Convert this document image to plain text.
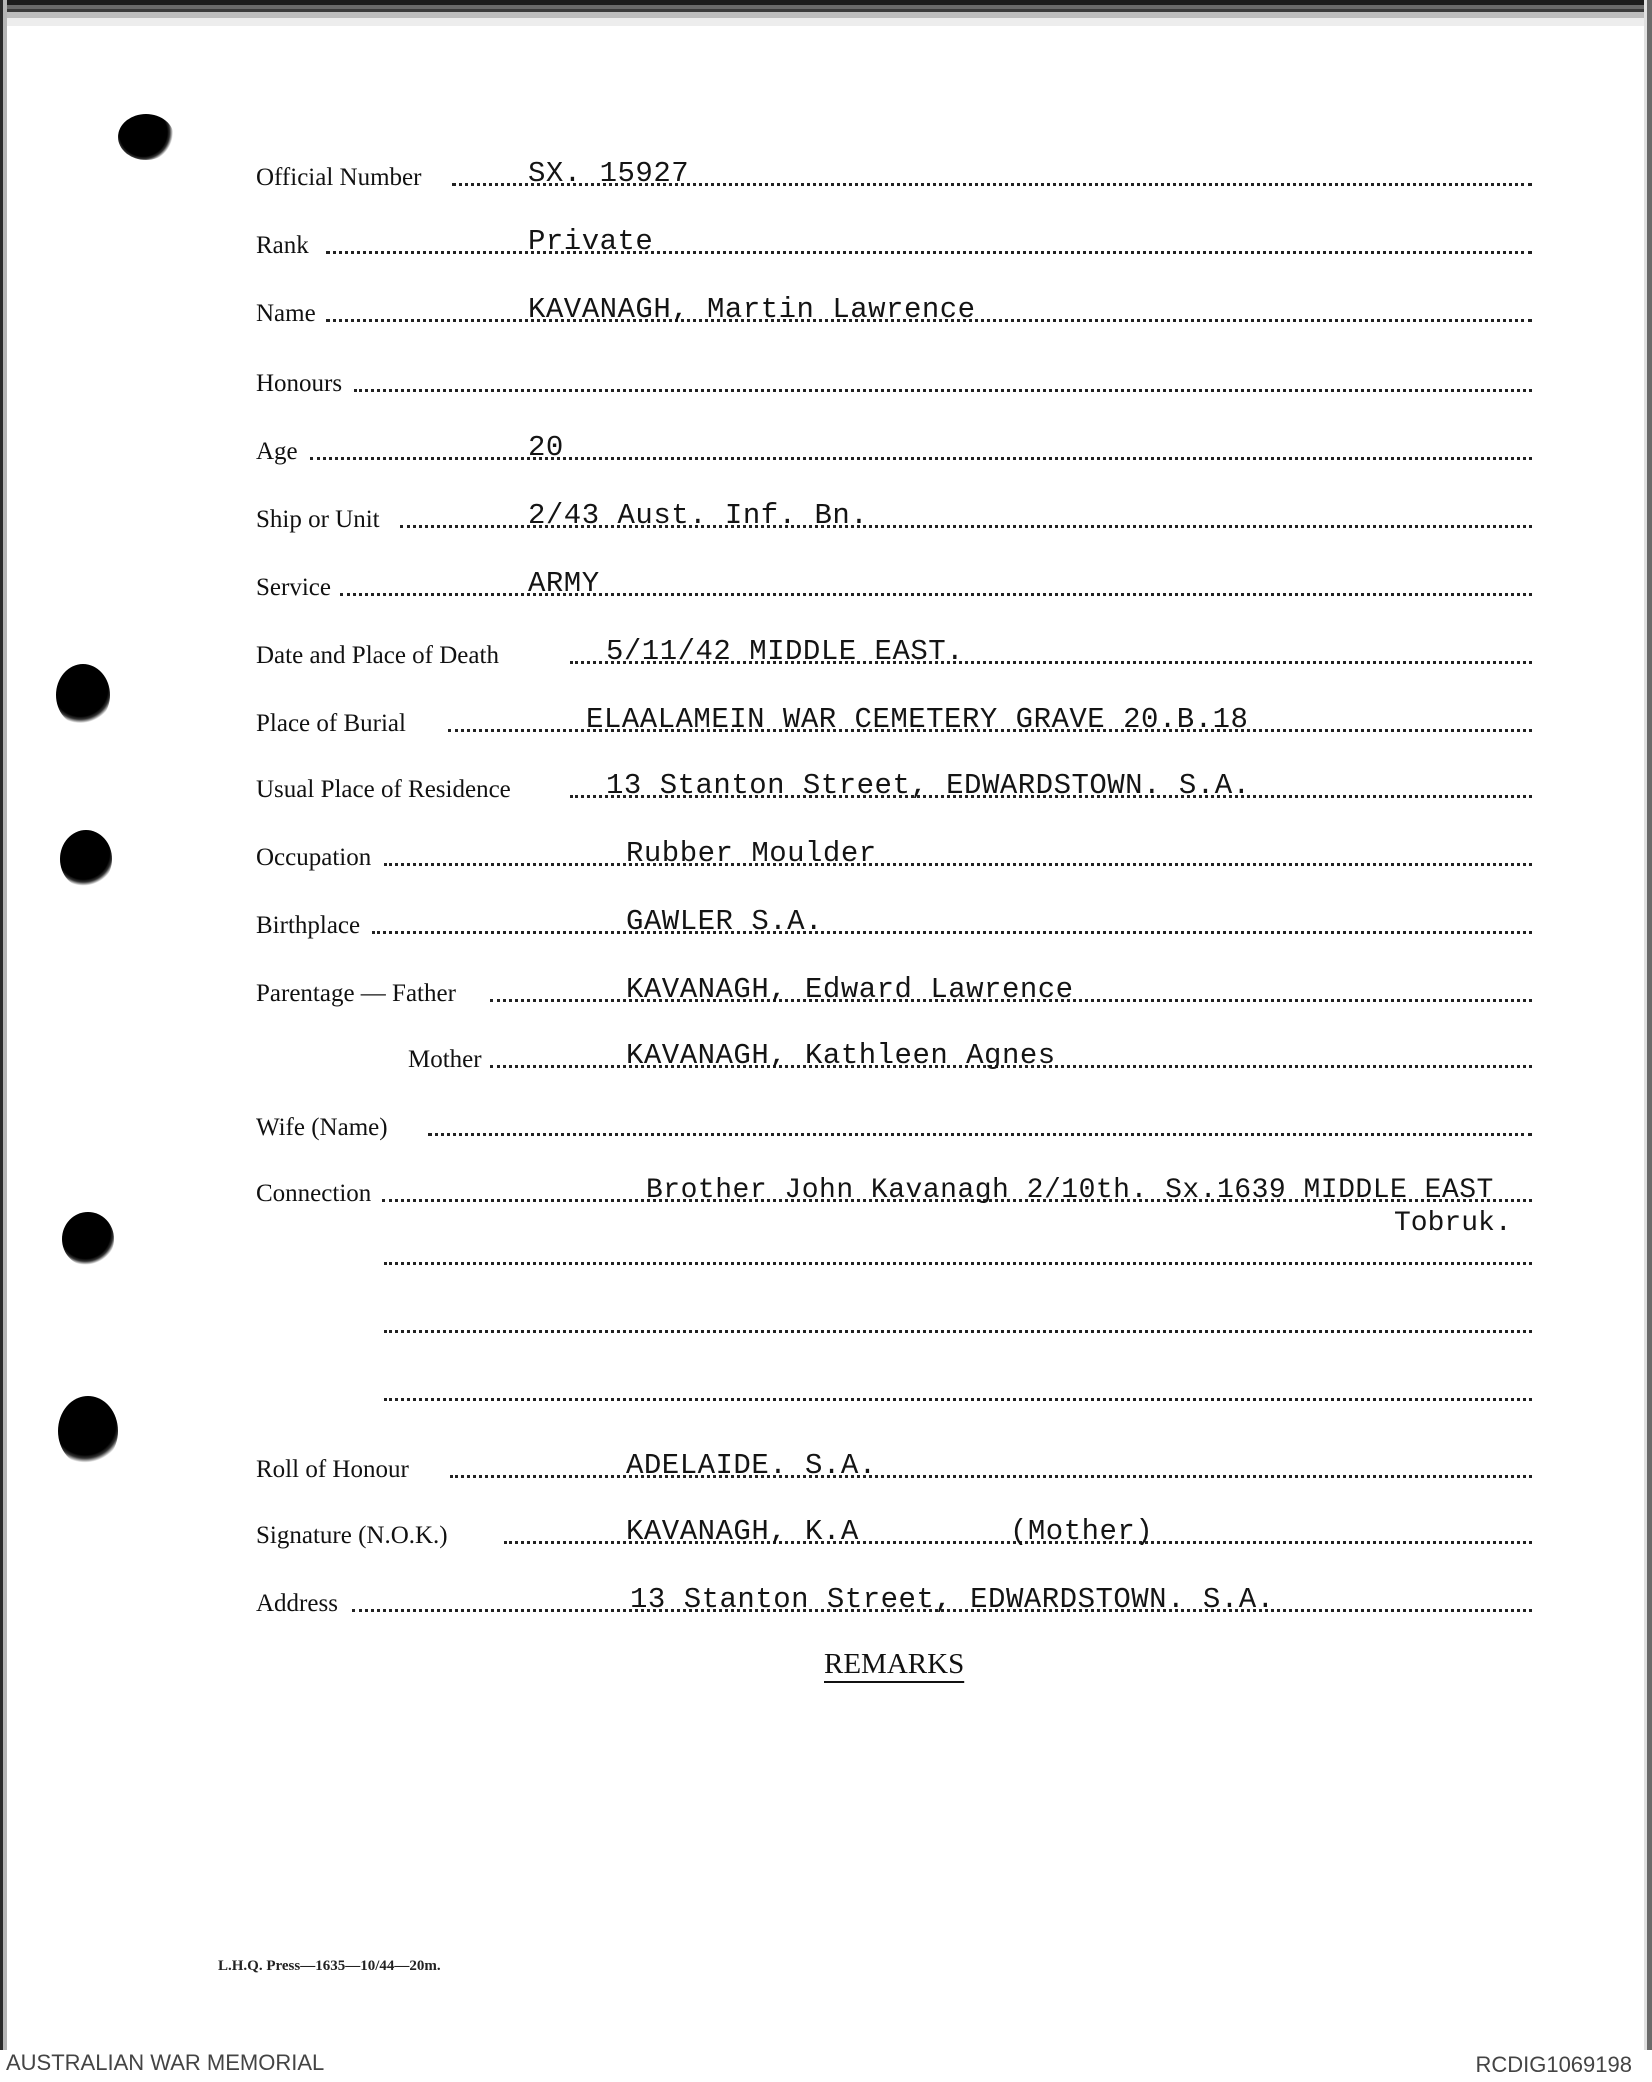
Official Number	SX. 15927
Rank	Private
Name	KAVANAGH, Martin Lawrence
Honours
Age	20
Ship or Unit	2/43 Aust. Inf. Bn.
Service	ARMY
Date and Place of Death	5/11/42 MIDDLE EAST.
Place of Burial	ELAALAMEIN WAR CEMETERY GRAVE 20.B.18
Usual Place of Residence	13 Stanton Street, EDWARDSTOWN. S.A.
Occupation	Rubber Moulder
Birthplace	GAWLER S.A.
Parentage — Father	KAVANAGH, Edward Lawrence
Mother	KAVANAGH, Kathleen Agnes
Wife (Name)
Connection	Brother John Kavanagh 2/10th. Sx.1639 MIDDLE EAST
Tobruk.
Roll of Honour	ADELAIDE. S.A.
Signature (N.O.K.)	KAVANAGH, K.A	(Mother)
Address	13 Stanton Street, EDWARDSTOWN. S.A.
REMARKS
L.H.Q. Press—1635—10/44—20m.
AUSTRALIAN WAR MEMORIAL	RCDIG1069198
